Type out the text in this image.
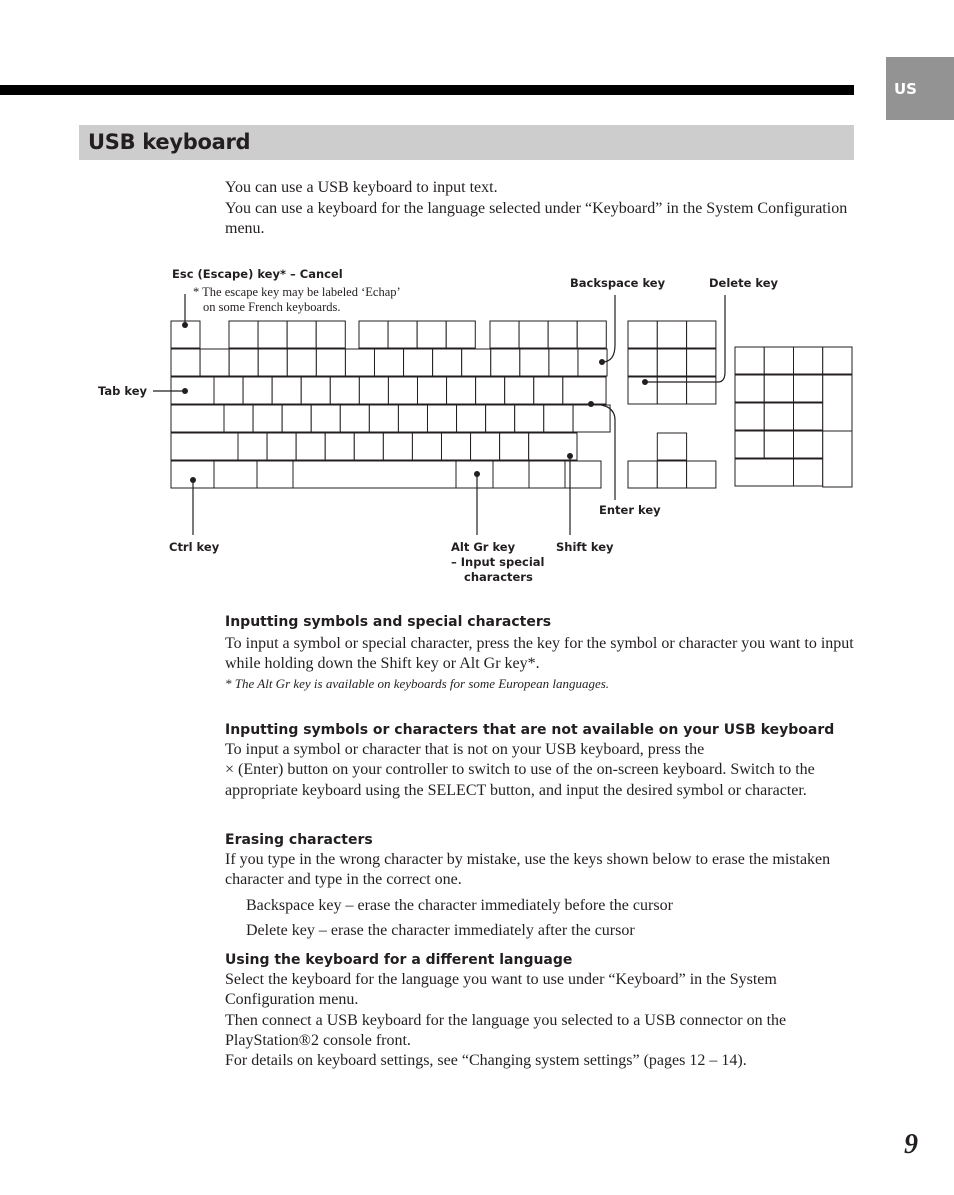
US
USB keyboard

You can use a USB keyboard to input text.

You can use a keyboard for the language selected under “Keyboard” in the System Configuration menu.

Esc (Escape) key* – Cancel
* The escape key may be labeled ‘Echap’
on some French keyboards.
Backspace key	Delete key
Tab key
Enter key
Ctrl key	Alt Gr key
– Input special
characters
Shift key
Inputting symbols and special characters

To input a symbol or special character, press the key for the symbol or character you want to input while holding down the Shift key or Alt Gr key*.

* The Alt Gr key is available on keyboards for some European languages.

Inputting symbols or characters that are not available on your USB keyboard

To input a symbol or character that is not on your USB keyboard, press the

× (Enter) button on your controller to switch to use of the on-screen keyboard. Switch to the appropriate keyboard using the SELECT button, and input the desired symbol or character.

Erasing characters

If you type in the wrong character by mistake, use the keys shown below to erase the mistaken character and type in the correct one.

Backspace key – erase the character immediately before the cursor

Delete key – erase the character immediately after the cursor

Using the keyboard for a different language

Select the keyboard for the language you want to use under “Keyboard” in the System Configuration menu.

Then connect a USB keyboard for the language you selected to a USB connector on the PlayStation®2 console front.

For details on keyboard settings, see “Changing system settings” (pages 12 – 14).

9
